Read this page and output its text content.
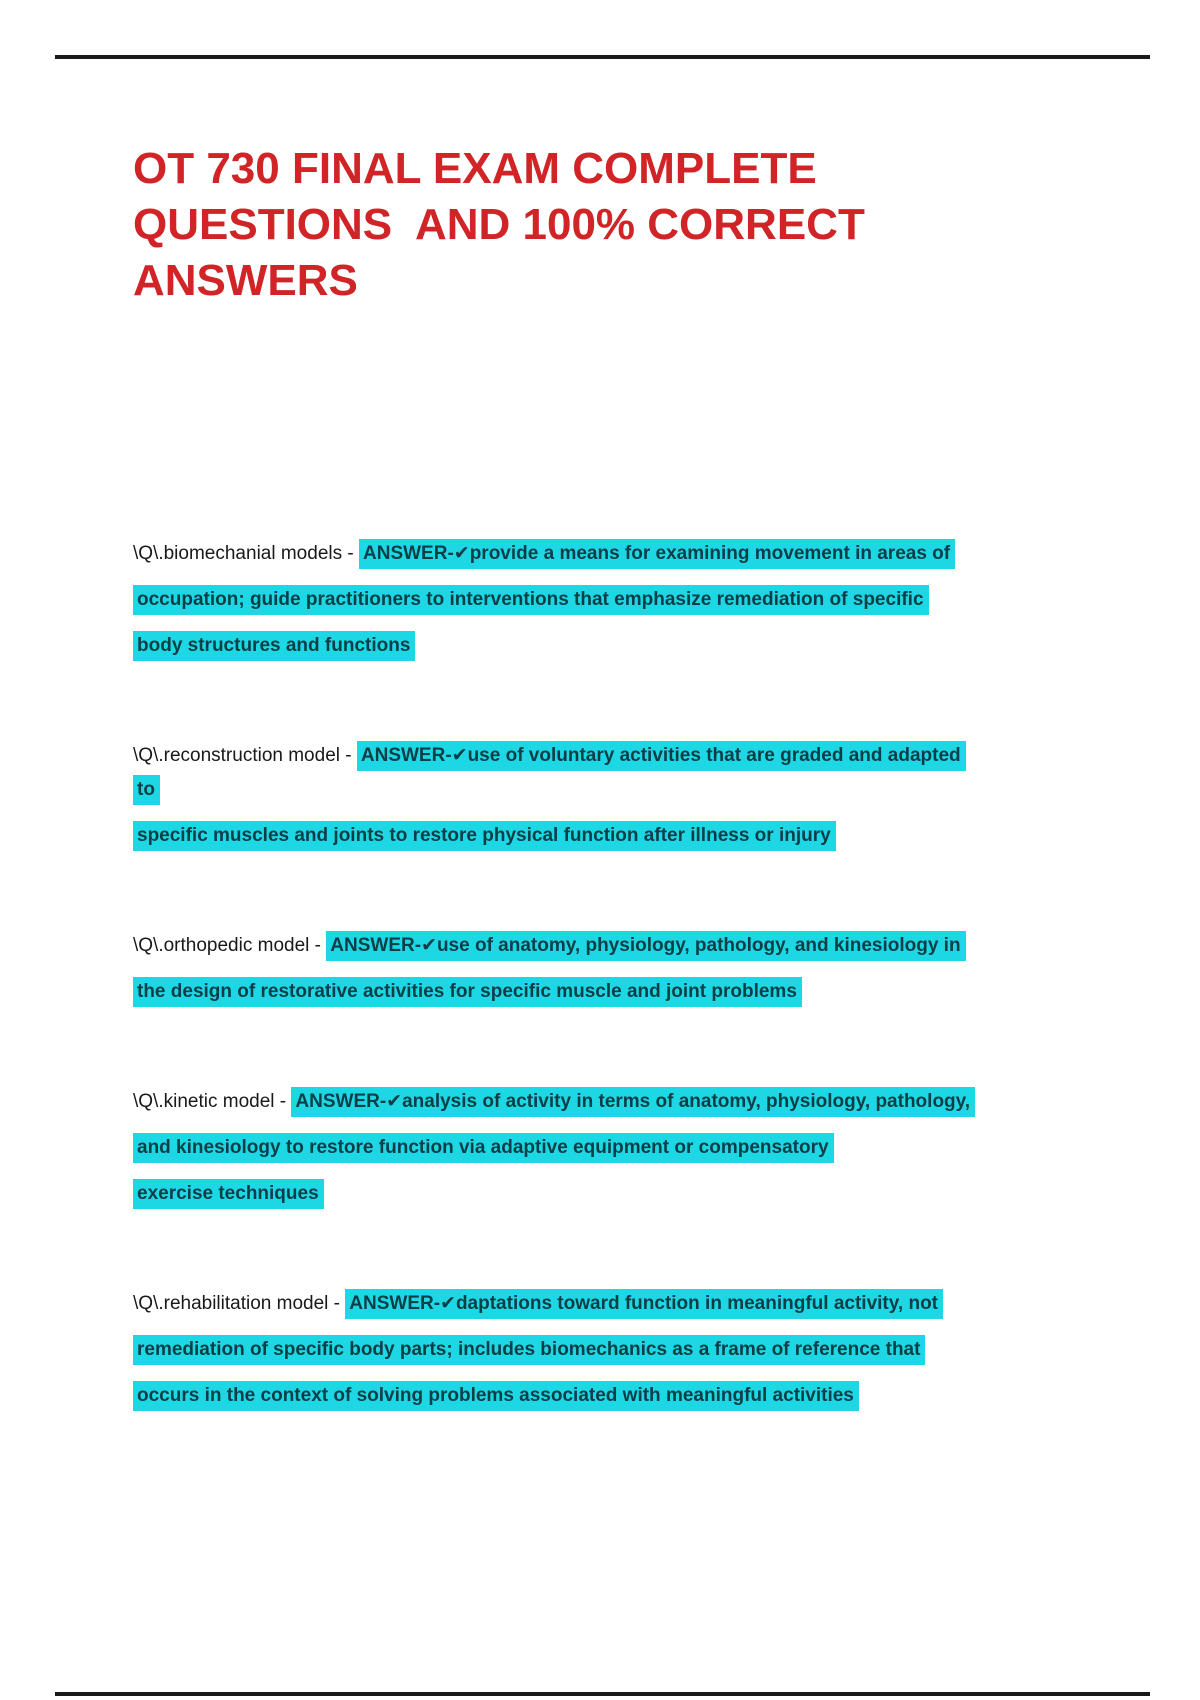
OT 730 FINAL EXAM COMPLETE
QUESTIONS  AND 100% CORRECT
ANSWERS
\Q\.biomechanial models - ANSWER-✔provide a means for examining movement in areas of
occupation; guide practitioners to interventions that emphasize remediation of specific
body structures and functions
\Q\.reconstruction model - ANSWER-✔use of voluntary activities that are graded and adapted
to
specific muscles and joints to restore physical function after illness or injury
\Q\.orthopedic model - ANSWER-✔use of anatomy, physiology, pathology, and kinesiology in
the design of restorative activities for specific muscle and joint problems
\Q\.kinetic model - ANSWER-✔analysis of activity in terms of anatomy, physiology, pathology,
and kinesiology to restore function via adaptive equipment or compensatory
exercise techniques
\Q\.rehabilitation model - ANSWER-✔daptations toward function in meaningful activity, not
remediation of specific body parts; includes biomechanics as a frame of reference that
occurs in the context of solving problems associated with meaningful activities
